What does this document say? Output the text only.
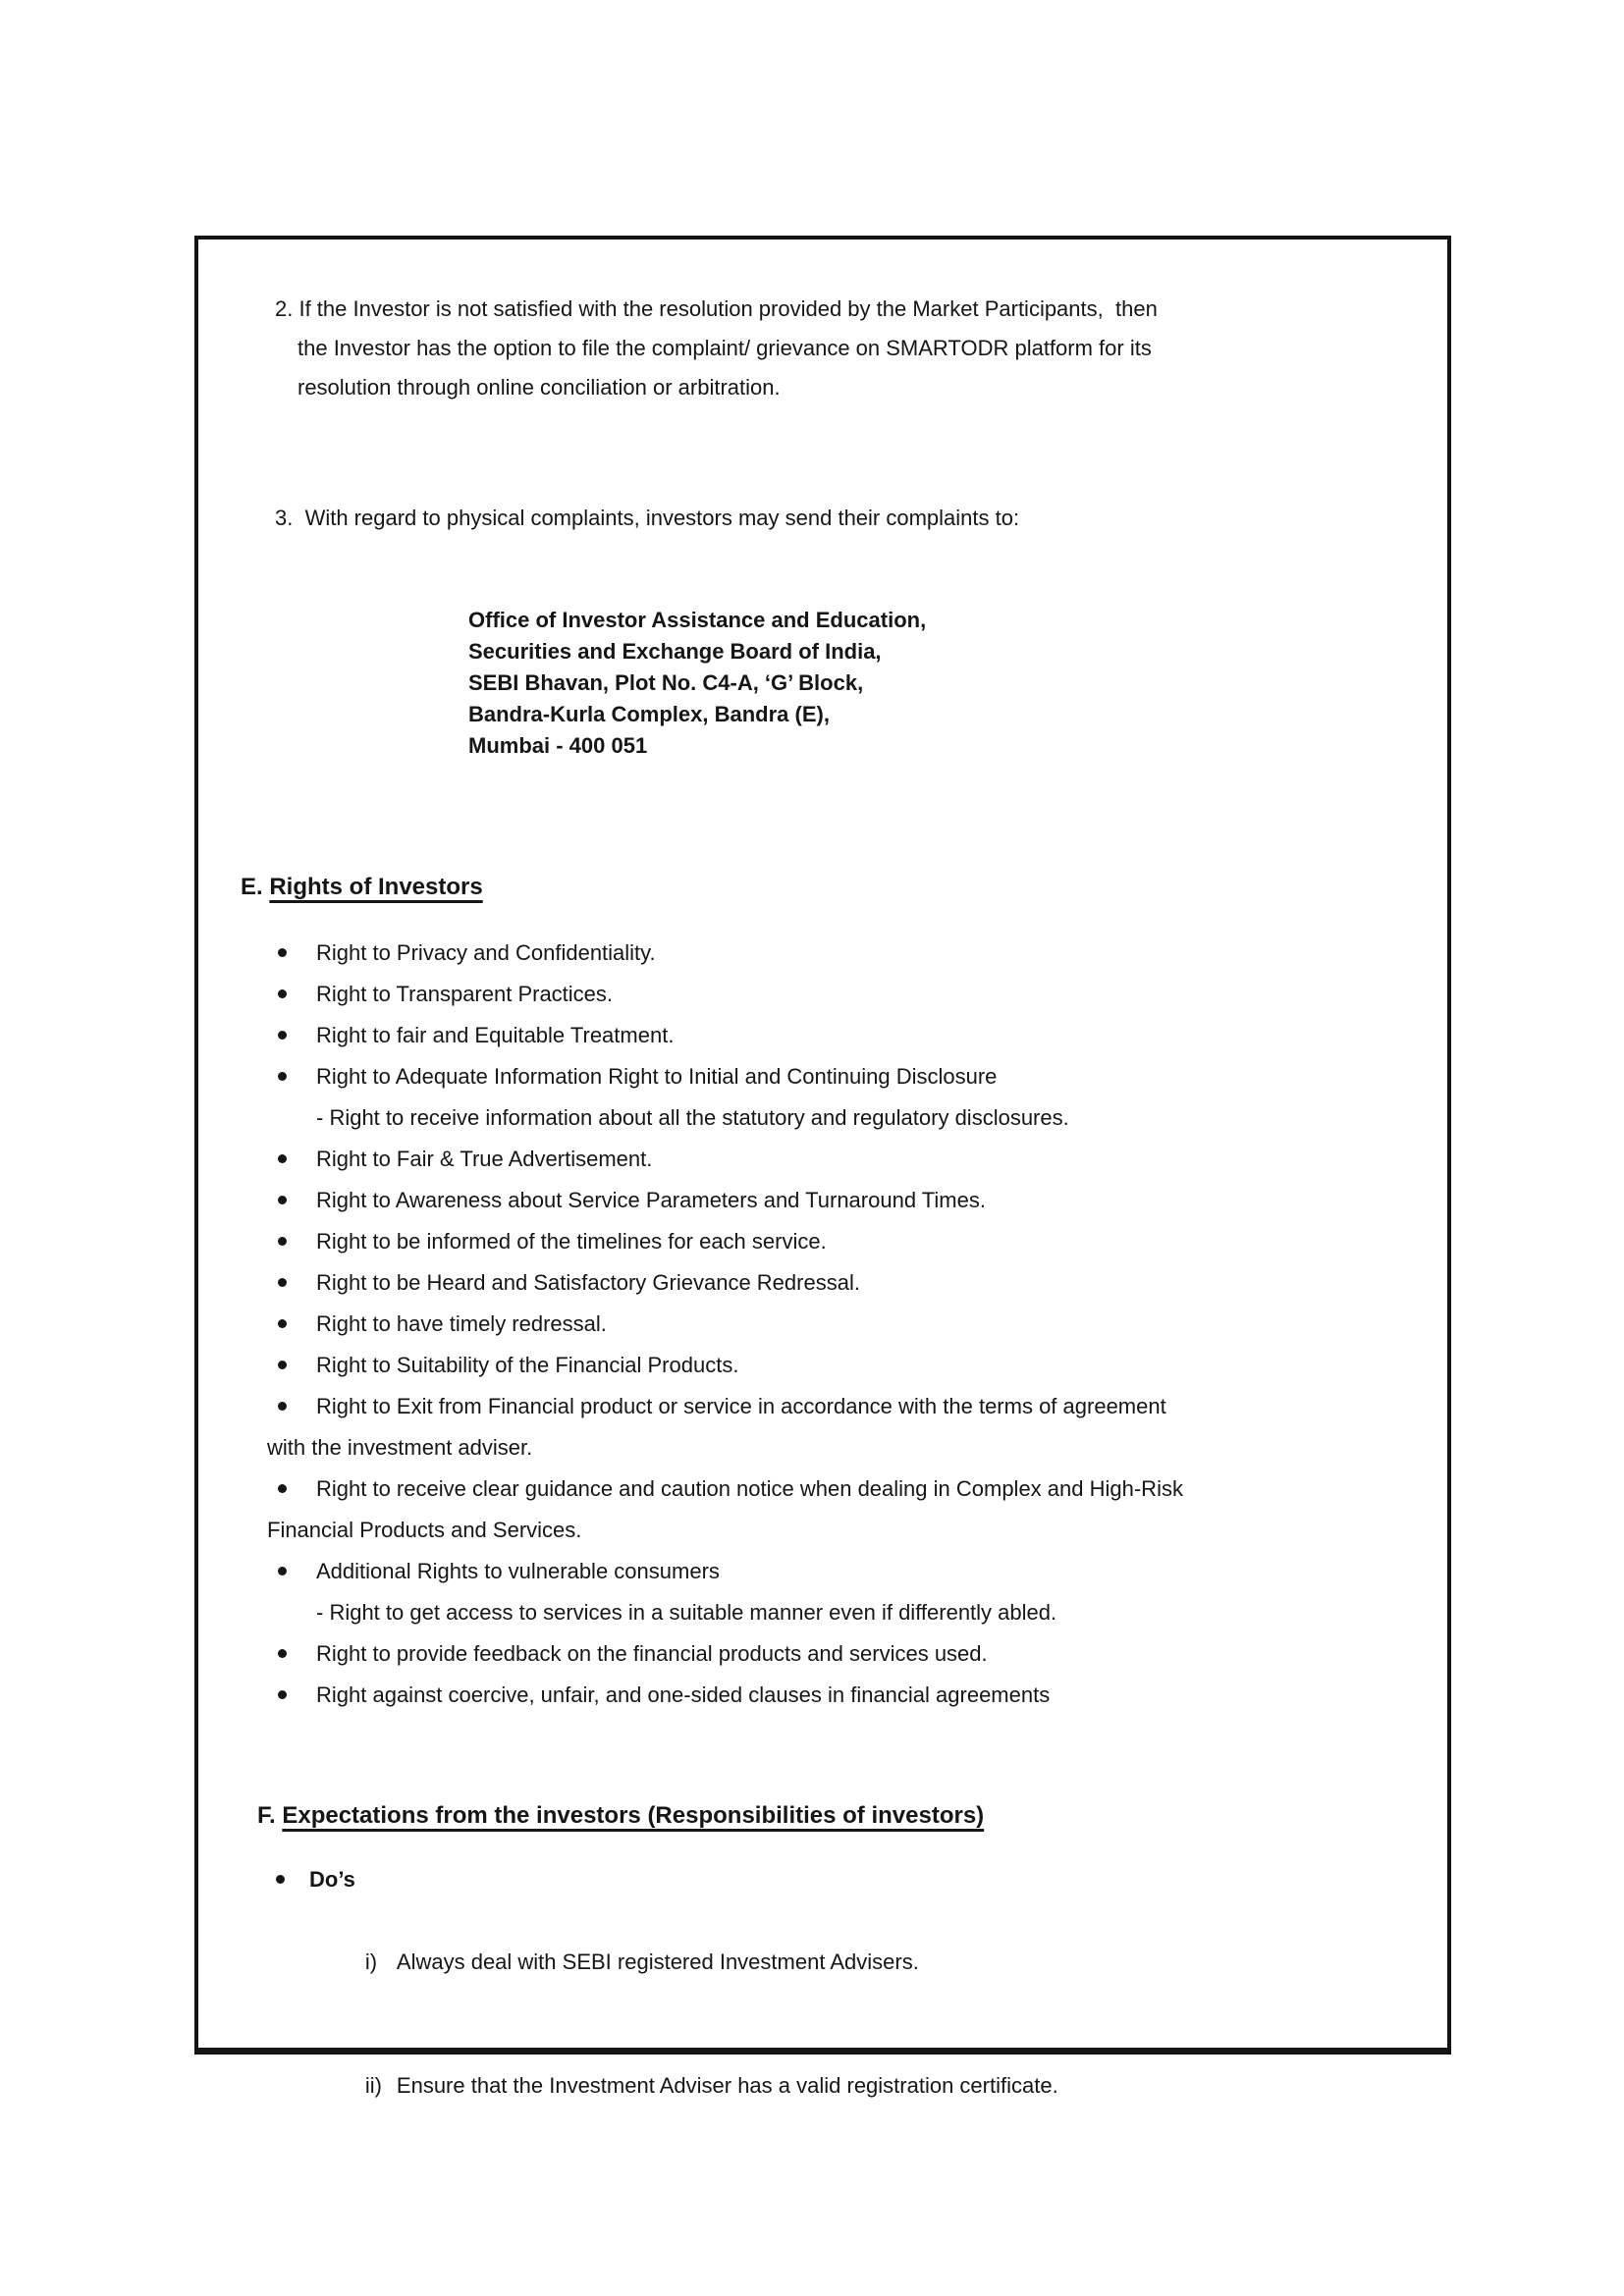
2. If the Investor is not satisfied with the resolution provided by the Market Participants,  then
the Investor has the option to file the complaint/ grievance on SMARTODR platform for its
resolution through online conciliation or arbitration.
3.  With regard to physical complaints, investors may send their complaints to:
Office of Investor Assistance and Education,
Securities and Exchange Board of India,
SEBI Bhavan, Plot No. C4-A, ‘G’ Block,
Bandra-Kurla Complex, Bandra (E),
Mumbai - 400 051
E. Rights of Investors
Right to Privacy and Confidentiality.
Right to Transparent Practices.
Right to fair and Equitable Treatment.
Right to Adequate Information Right to Initial and Continuing Disclosure
- Right to receive information about all the statutory and regulatory disclosures.
Right to Fair & True Advertisement.
Right to Awareness about Service Parameters and Turnaround Times.
Right to be informed of the timelines for each service.
Right to be Heard and Satisfactory Grievance Redressal.
Right to have timely redressal.
Right to Suitability of the Financial Products.
Right to Exit from Financial product or service in accordance with the terms of agreement
with the investment adviser.
Right to receive clear guidance and caution notice when dealing in Complex and High-Risk
Financial Products and Services.
Additional Rights to vulnerable consumers
- Right to get access to services in a suitable manner even if differently abled.
Right to provide feedback on the financial products and services used.
Right against coercive, unfair, and one-sided clauses in financial agreements
F. Expectations from the investors (Responsibilities of investors)
Do’s

i) Always deal with SEBI registered Investment Advisers.

ii) Ensure that the Investment Adviser has a valid registration certificate.
